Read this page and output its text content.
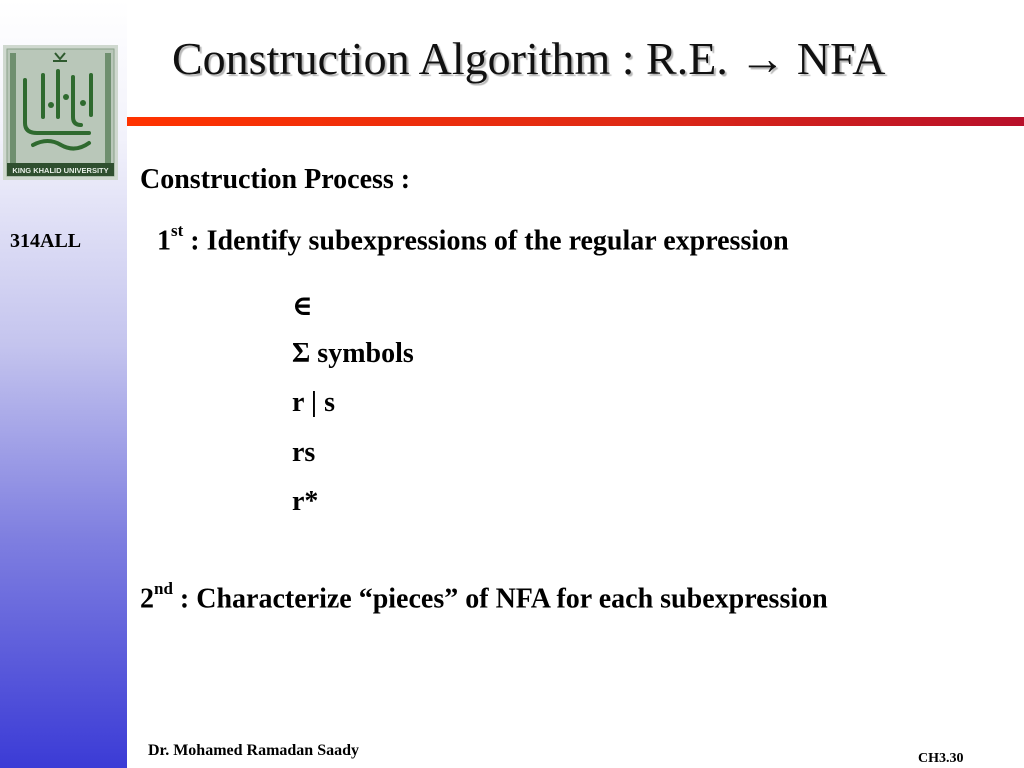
KING KHALID UNIVERSITY
314ALL
Construction Algorithm : R.E. → NFA
Construction Process :
1st : Identify subexpressions of the regular expression
∈
Σ symbols
r | s
rs
r*
2nd : Characterize “pieces” of NFA for each subexpression
Dr. Mohamed Ramadan Saady	CH3.30
